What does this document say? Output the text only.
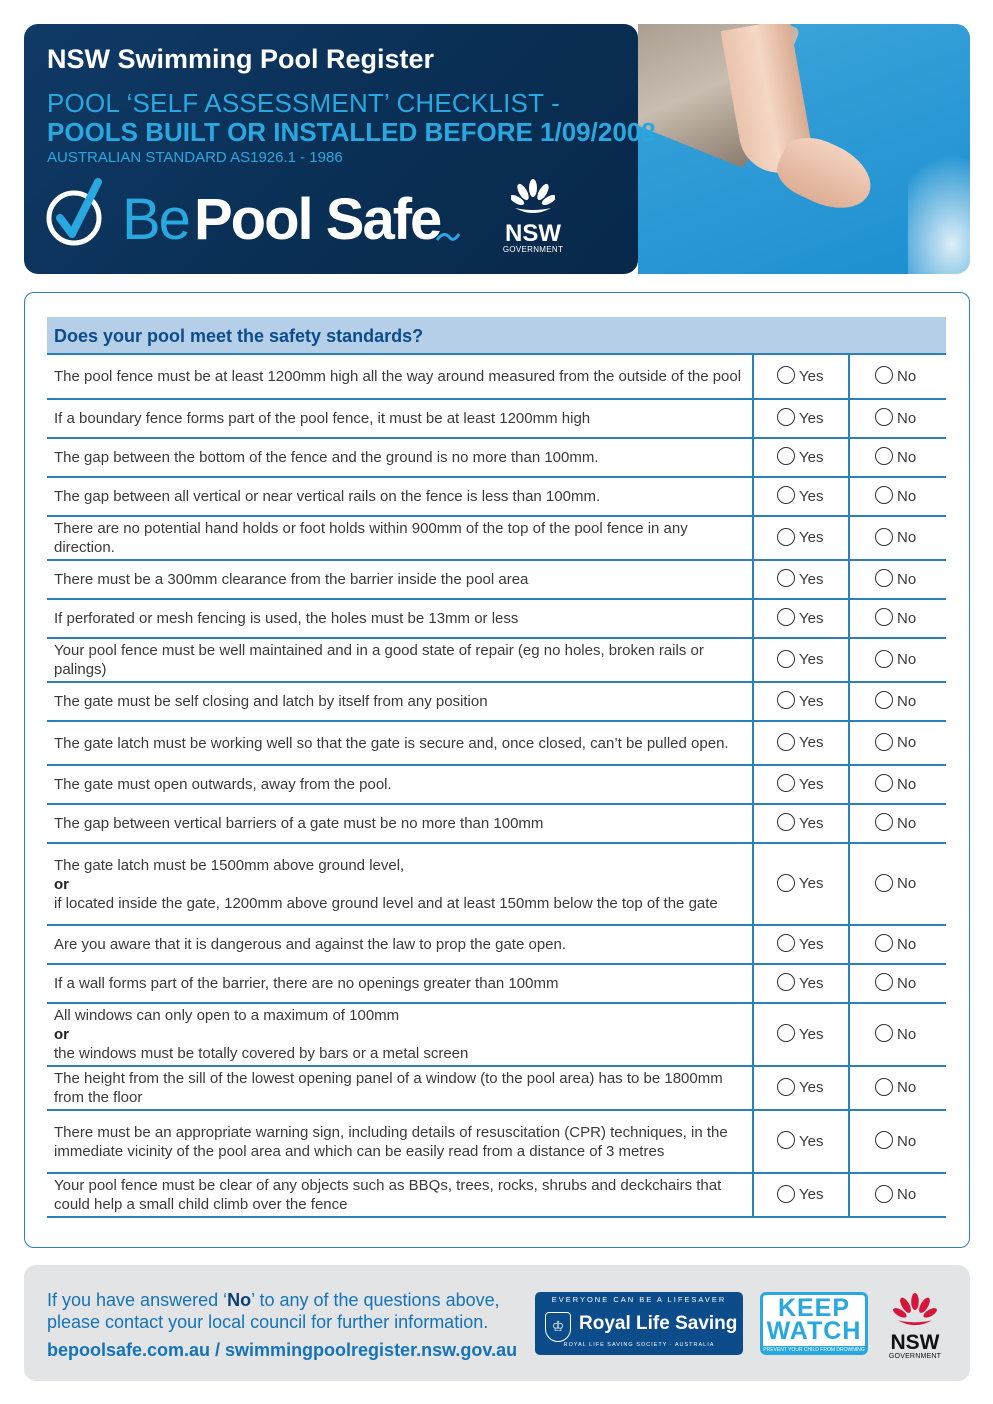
NSW Swimming Pool Register
POOL ‘SELF ASSESSMENT’ CHECKLIST -
POOLS BUILT OR INSTALLED BEFORE 1/09/2008
AUSTRALIAN STANDARD AS1926.1 - 1986
Be Pool Safe	NSW
GOVERNMENT
Does your pool meet the safety standards?
The pool fence must be at least 1200mm high all the way around measured from the outside of the pool	Yes	No
If a boundary fence forms part of the pool fence, it must be at least 1200mm high	Yes	No
The gap between the bottom of the fence and the ground is no more than 100mm.	Yes	No
The gap between all vertical or near vertical rails on the fence is less than 100mm.	Yes	No
There are no potential hand holds or foot holds within 900mm of the top of the pool fence in any direction.	Yes	No
There must be a 300mm clearance from the barrier inside the pool area	Yes	No
If perforated or mesh fencing is used, the holes must be 13mm or less	Yes	No
Your pool fence must be well maintained and in a good state of repair (eg no holes, broken rails or palings)	Yes	No
The gate must be self closing and latch by itself from any position	Yes	No
The gate latch must be working well so that the gate is secure and, once closed, can’t be pulled open.	Yes	No
The gate must open outwards, away from the pool.	Yes	No
The gap between vertical barriers of a gate must be no more than 100mm	Yes	No
The gate latch must be 1500mm above ground level,
or
if located inside the gate, 1200mm above ground level and at least 150mm below the top of the gate	Yes	No
Are you aware that it is dangerous and against the law to prop the gate open.	Yes	No
If a wall forms part of the barrier, there are no openings greater than 100mm	Yes	No
All windows can only open to a maximum of 100mm
or
the windows must be totally covered by bars or a metal screen	Yes	No
The height from the sill of the lowest opening panel of a window (to the pool area) has to be 1800mm from the floor	Yes	No
There must be an appropriate warning sign, including details of resuscitation (CPR) techniques, in the immediate vicinity of the pool area and which can be easily read from a distance of 3 metres	Yes	No
Your pool fence must be clear of any objects such as BBQs, trees, rocks, shrubs and deckchairs that could help a small child climb over the fence	Yes	No
If you have answered ‘No’ to any of the questions above,
please contact your local council for further information.
bepoolsafe.com.au / swimmingpoolregister.nsw.gov.au
EVERYONE CAN BE A LIFESAVER
♔ Royal Life Saving
ROYAL LIFE SAVING SOCIETY · AUSTRALIA
KEEP
WATCH
PREVENT YOUR CHILD FROM DROWNING	NSW
GOVERNMENT
